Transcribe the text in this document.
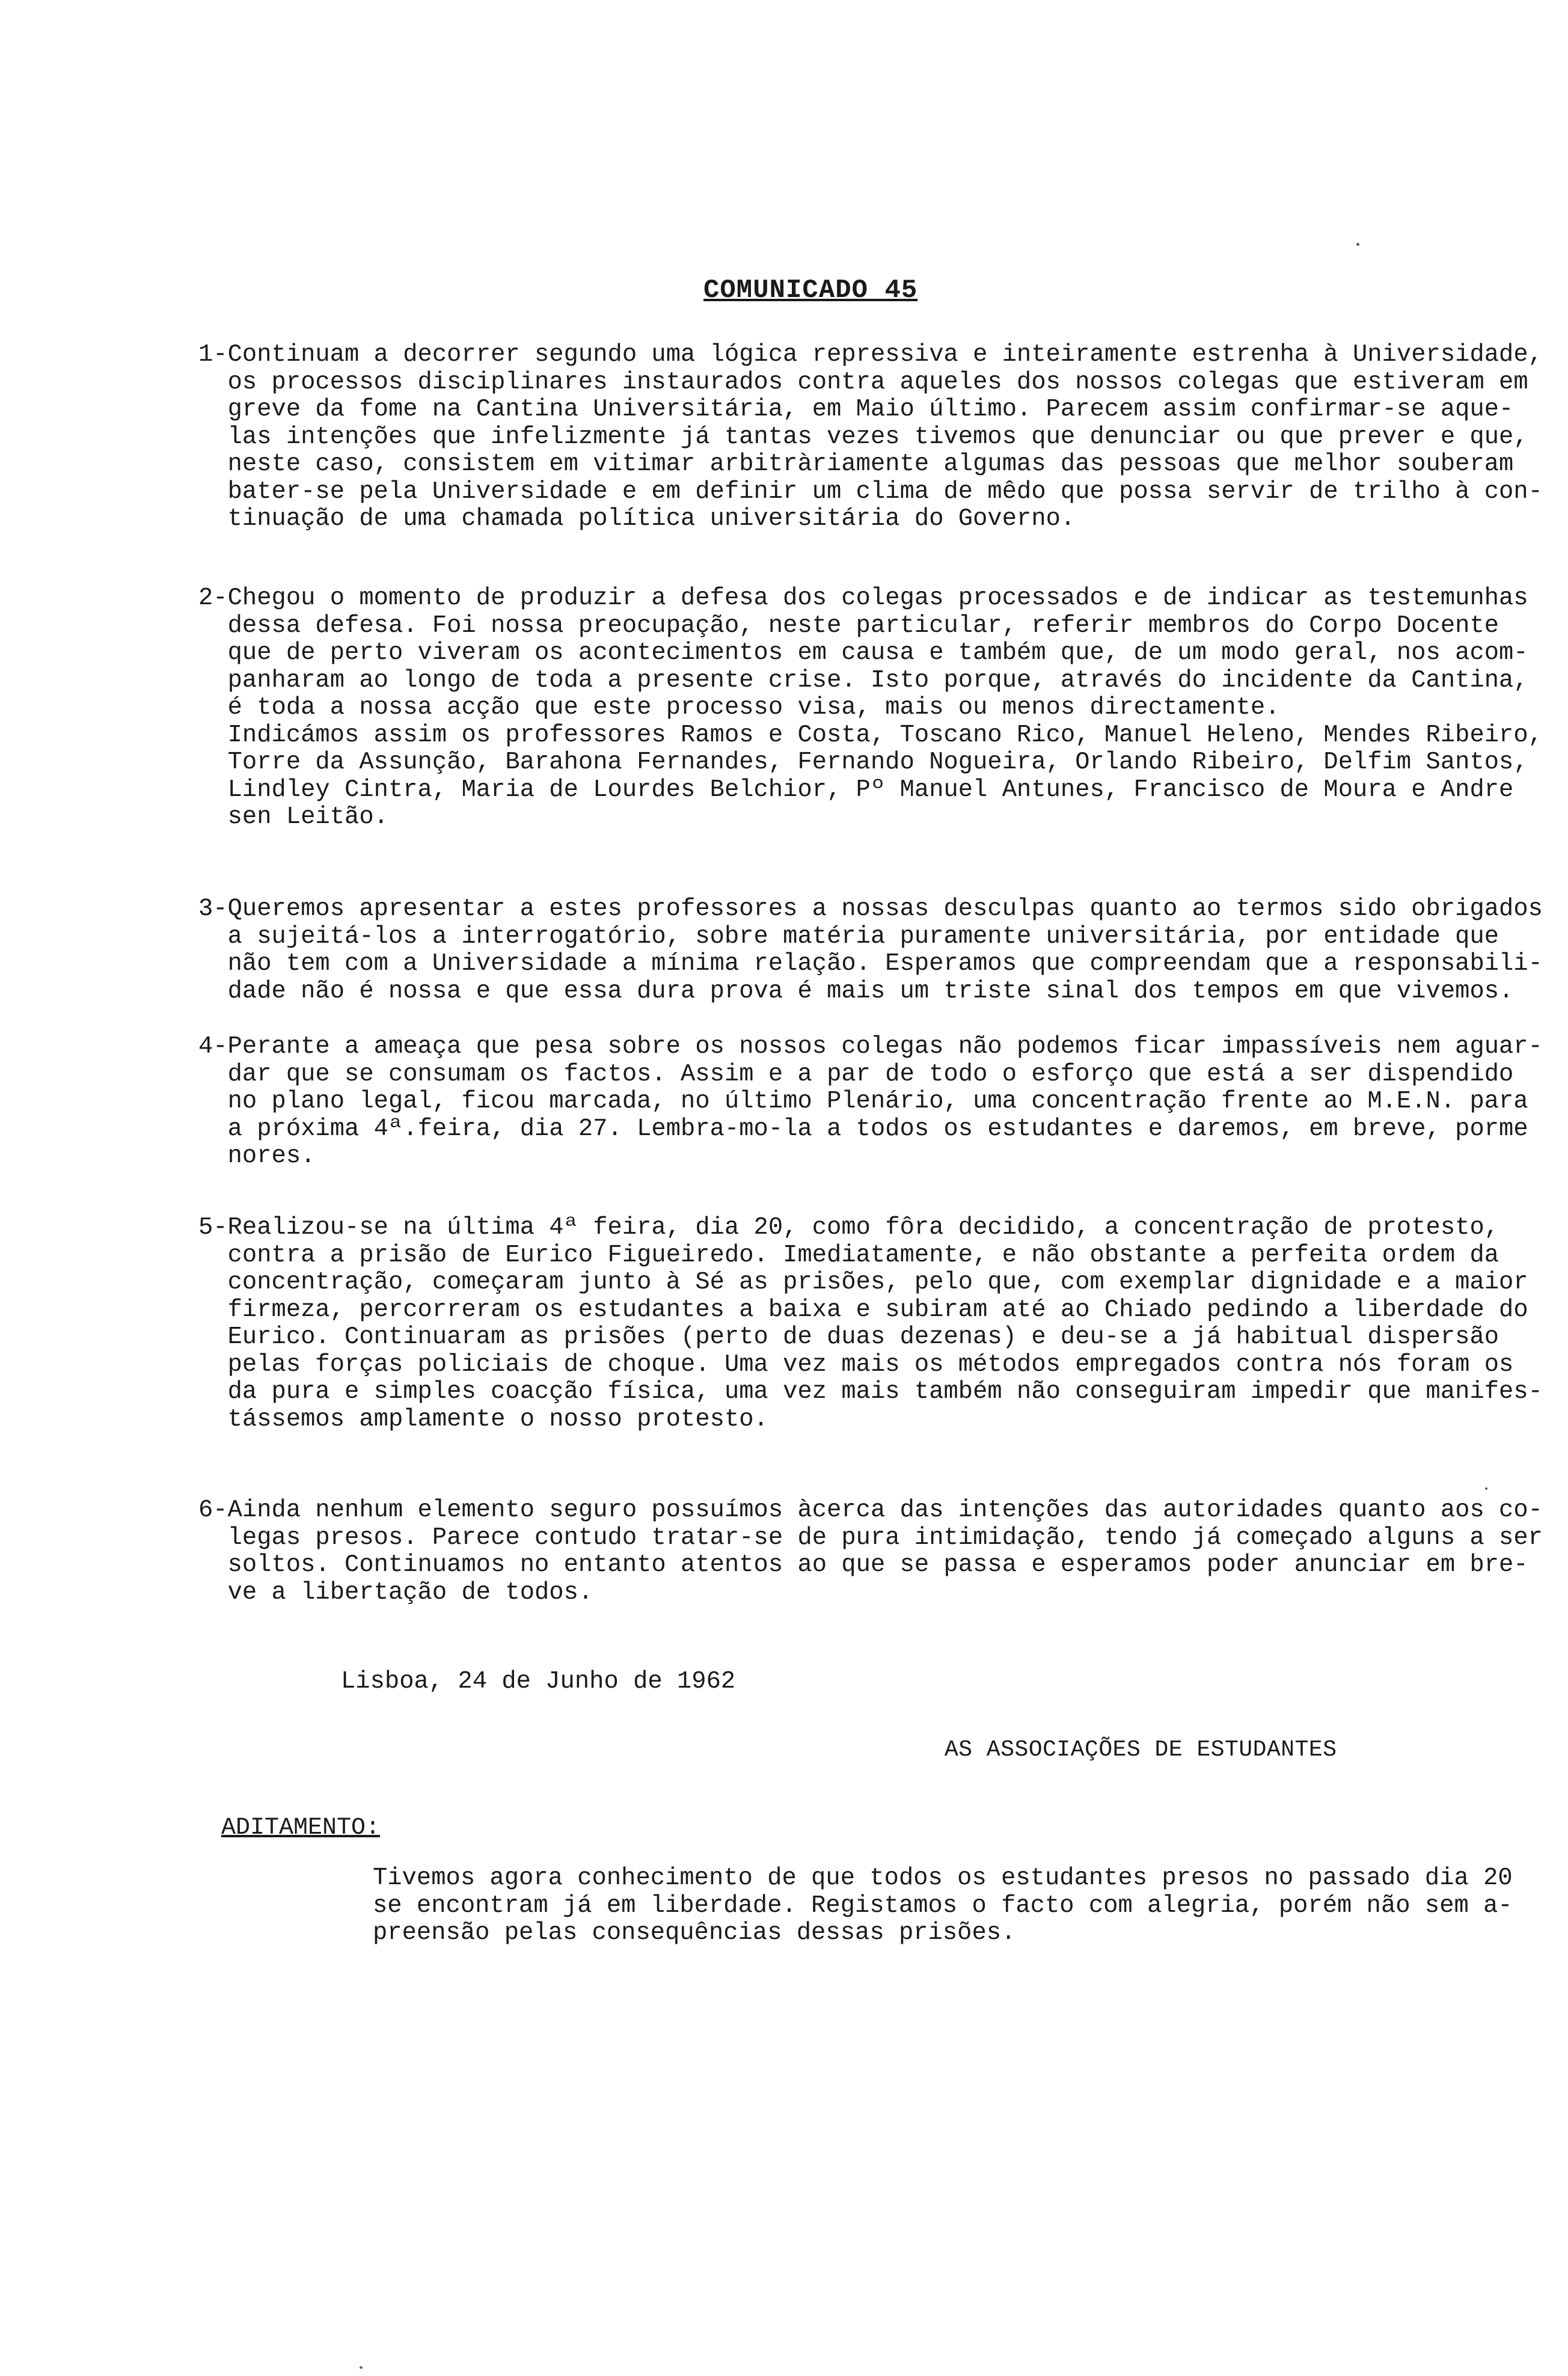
COMUNICADO 45
1- Continuam a decorrer segundo uma lógica repressiva e inteiramente estrenha à Universidade,
os processos disciplinares instaurados contra aqueles dos nossos colegas que estiveram em
greve da fome na Cantina Universitária, em Maio último. Parecem assim confirmar-se aque-
las intenções que infelizmente já tantas vezes tivemos que denunciar ou que prever e que,
neste caso, consistem em vitimar arbitràriamente algumas das pessoas que melhor souberam
bater-se pela Universidade e em definir um clima de mêdo que possa servir de trilho à con-
tinuação de uma chamada política universitária do Governo.
2- Chegou o momento de produzir a defesa dos colegas processados e de indicar as testemunhas
dessa defesa. Foi nossa preocupação, neste particular, referir membros do Corpo Docente
que de perto viveram os acontecimentos em causa e também que, de um modo geral, nos acom-
panharam ao longo de toda a presente crise. Isto porque, através do incidente da Cantina,
é toda a nossa acção que este processo visa, mais ou menos directamente.
Indicámos assim os professores Ramos e Costa, Toscano Rico, Manuel Heleno, Mendes Ribeiro,
Torre da Assunção, Barahona Fernandes, Fernando Nogueira, Orlando Ribeiro, Delfim Santos,
Lindley Cintra, Maria de Lourdes Belchior, Pº Manuel Antunes, Francisco de Moura e Andre
sen Leitão.
3- Queremos apresentar a estes professores a nossas desculpas quanto ao termos sido obrigados
a sujeitá-los a interrogatório, sobre matéria puramente universitária, por entidade que
não tem com a Universidade a mínima relação. Esperamos que compreendam que a responsabili-
dade não é nossa e que essa dura prova é mais um triste sinal dos tempos em que vivemos.
4- Perante a ameaça que pesa sobre os nossos colegas não podemos ficar impassíveis nem aguar-
dar que se consumam os factos. Assim e a par de todo o esforço que está a ser dispendido
no plano legal, ficou marcada, no último Plenário, uma concentração frente ao M.E.N. para
a próxima 4ª.feira, dia 27. Lembra-mo-la a todos os estudantes e daremos, em breve, porme
nores.
5- Realizou-se na última 4ª feira, dia 20, como fôra decidido, a concentração de protesto,
contra a prisão de Eurico Figueiredo. Imediatamente, e não obstante a perfeita ordem da
concentração, começaram junto à Sé as prisões, pelo que, com exemplar dignidade e a maior
firmeza, percorreram os estudantes a baixa e subiram até ao Chiado pedindo a liberdade do
Eurico. Continuaram as prisões (perto de duas dezenas) e deu-se a já habitual dispersão
pelas forças policiais de choque. Uma vez mais os métodos empregados contra nós foram os
da pura e simples coacção física, uma vez mais também não conseguiram impedir que manifes-
tássemos amplamente o nosso protesto.
6- Ainda nenhum elemento seguro possuímos àcerca das intenções das autoridades quanto aos co-
legas presos. Parece contudo tratar-se de pura intimidação, tendo já começado alguns a ser
soltos. Continuamos no entanto atentos ao que se passa e esperamos poder anunciar em bre-
ve a libertação de todos.
Lisboa, 24 de Junho de 1962
AS ASSOCIAÇÕES DE ESTUDANTES
ADITAMENTO:
Tivemos agora conhecimento de que todos os estudantes presos no passado dia 20
se encontram já em liberdade. Registamos o facto com alegria, porém não sem a-
preensão pelas consequências dessas prisões.
